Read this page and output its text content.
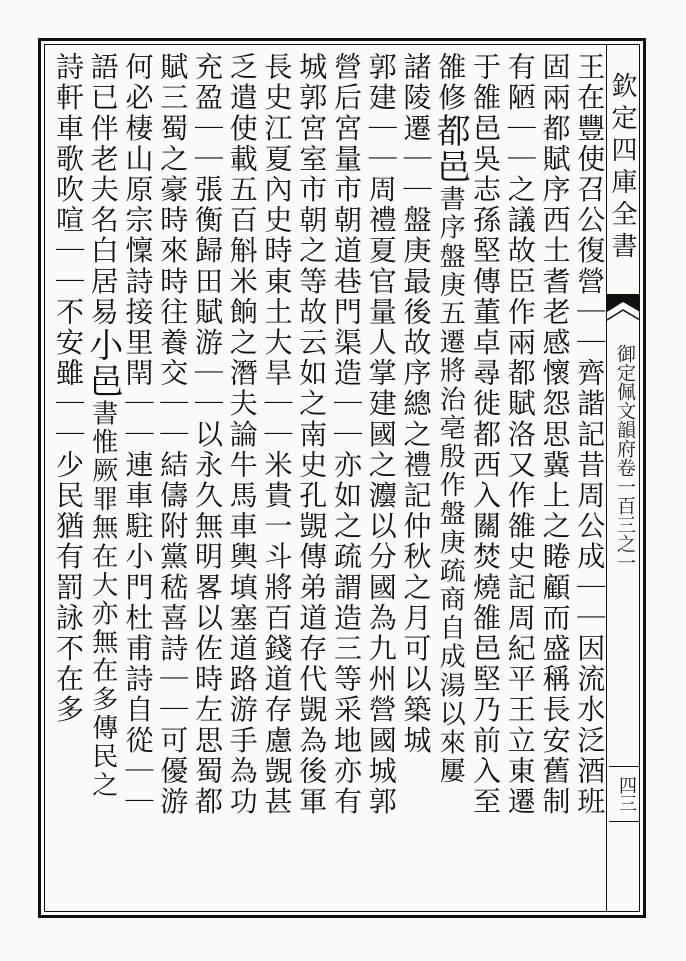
王在豐使召公復營｜｜齊諧記昔周公成｜｜因流水泛酒班
固兩都賦序西土耆老感懷怨思冀上之睠顧而盛稱長安舊制
有陋｜｜之議故臣作兩都賦洛又作雒史記周紀平王立東遷
于雒邑吳志孫堅傳董卓尋徙都西入關焚燒雒邑堅乃前入至
雒修都邑書序盤庚五遷將治亳殷作盤庚疏商自成湯以來屢
諸陵遷｜｜盤庚最後故序總之禮記仲秋之月可以築城
郭建｜｜周禮夏官量人掌建國之灋以分國為九州營國城郭
營后宮量市朝道巷門渠造｜｜亦如之疏謂造三等采地亦有
城郭宮室市朝之等故云如之南史孔覬傳弟道存代覬為後軍
長史江夏內史時東土大旱｜｜米貴一斗將百錢道存慮覬甚
乏遣使載五百斛米餉之潛夫論牛馬車輿填塞道路游手為功
充盈｜｜張衡歸田賦游｜｜以永久無明畧以佐時左思蜀都
賦三蜀之豪時來時往養交｜｜結儔附黨嵇喜詩｜｜可優游
何必棲山原宗懍詩接里閈｜｜連車駐小門杜甫詩自從｜｜
語已伴老夫名白居易小邑書惟厥罪無在大亦無在多傳民之
詩軒車歌吹喧｜｜不安雖｜｜少民猶有罰詠不在多	欽定四庫全書
御定佩文韻府卷一百三之一
四三
